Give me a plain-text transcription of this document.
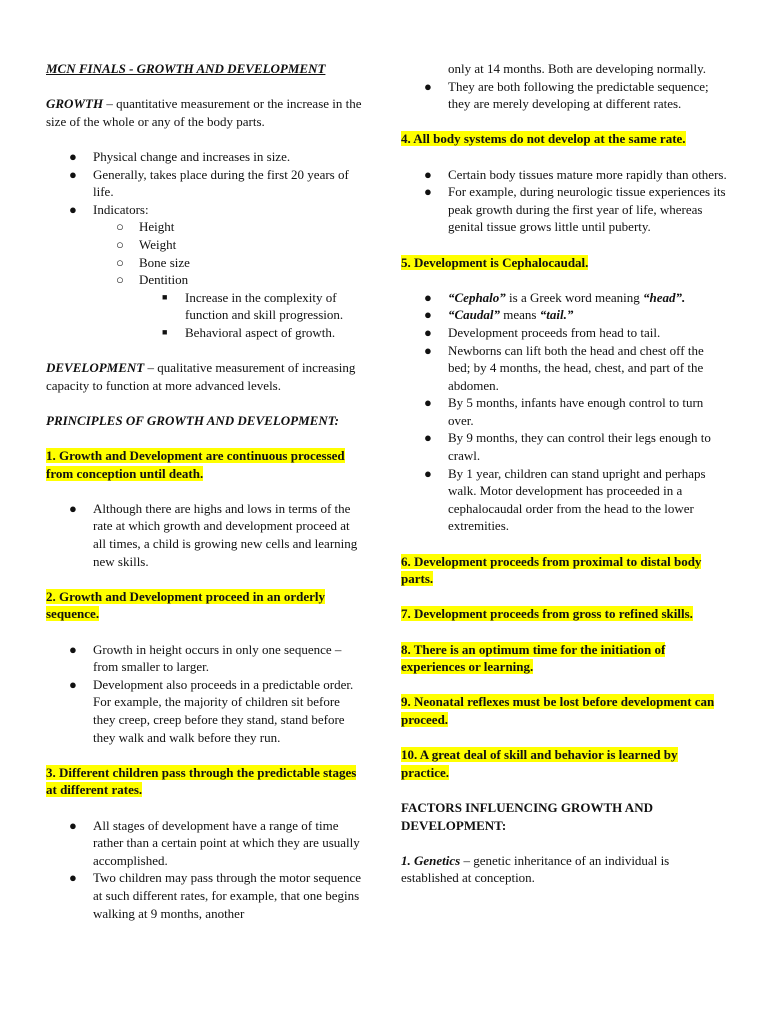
MCN FINALS - GROWTH AND DEVELOPMENT

GROWTH – quantitative measurement or the increase in the size of the whole or any of the body parts.

● Physical change and increases in size.
● Generally, takes place during the first 20 years of life.
● Indicators:
○ Height
○ Weight
○ Bone size
○ Dentition
■ Increase in the complexity of function and skill progression.
■ Behavioral aspect of growth.

DEVELOPMENT – qualitative measurement of increasing capacity to function at more advanced levels.

PRINCIPLES OF GROWTH AND DEVELOPMENT:

1. Growth and Development are continuous processed from conception until death.

● Although there are highs and lows in terms of the rate at which growth and development proceed at all times, a child is growing new cells and learning new skills.

2. Growth and Development proceed in an orderly sequence.

● Growth in height occurs in only one sequence –from smaller to larger.
● Development also proceeds in a predictable order. For example, the majority of children sit before they creep, creep before they stand, stand before they walk and walk before they run.

3. Different children pass through the predictable stages at different rates.

● All stages of development have a range of time rather than a certain point at which they are usually accomplished.
● Two children may pass through the motor sequence at such different rates, for example, that one begins walking at 9 months, another

only at 14 months. Both are developing normally.

● They are both following the predictable sequence; they are merely developing at different rates.

4. All body systems do not develop at the same rate.

● Certain body tissues mature more rapidly than others.
● For example, during neurologic tissue experiences its peak growth during the first year of life, whereas genital tissue grows little until puberty.

5. Development is Cephalocaudal.

● “Cephalo” is a Greek word meaning “head”.
● “Caudal” means “tail.”
● Development proceeds from head to tail.
● Newborns can lift both the head and chest off the bed; by 4 months, the head, chest, and part of the abdomen.
● By 5 months, infants have enough control to turn over.
● By 9 months, they can control their legs enough to crawl.
● By 1 year, children can stand upright and perhaps walk. Motor development has proceeded in a cephalocaudal order from the head to the lower extremities.

6. Development proceeds from proximal to distal body parts.

7. Development proceeds from gross to refined skills.

8. There is an optimum time for the initiation of experiences or learning.

9. Neonatal reflexes must be lost before development can proceed.

10. A great deal of skill and behavior is learned by practice.

FACTORS INFLUENCING GROWTH AND DEVELOPMENT:

1. Genetics – genetic inheritance of an individual is established at conception.
